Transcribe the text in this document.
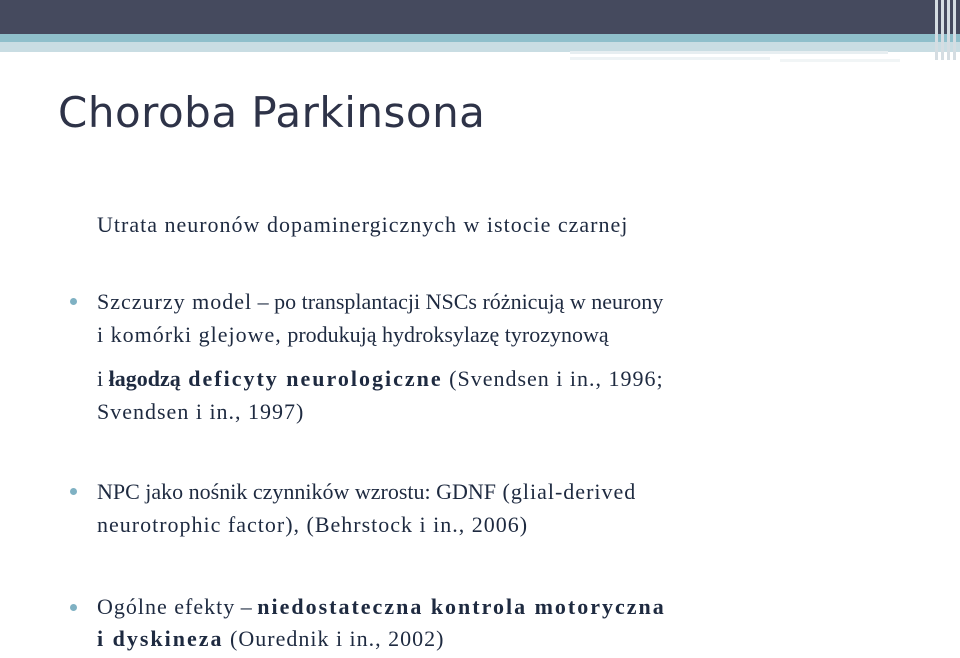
Choroba Parkinsona
Utrata neuronów dopaminergicznych w istocie czarnej
Szczurzy model – po transplantacji NSCs różnicują w neurony
i komórki glejowe, produkują hydroksylazę tyrozynową
i łagodzą deficyty neurologiczne (Svendsen i in., 1996;
Svendsen i in., 1997)
NPC jako nośnik czynników wzrostu: GDNF (glial-derived
neurotrophic factor), (Behrstock i in., 2006)
Ogólne efekty – niedostateczna kontrola motoryczna
i dyskineza (Ourednik i in., 2002)
